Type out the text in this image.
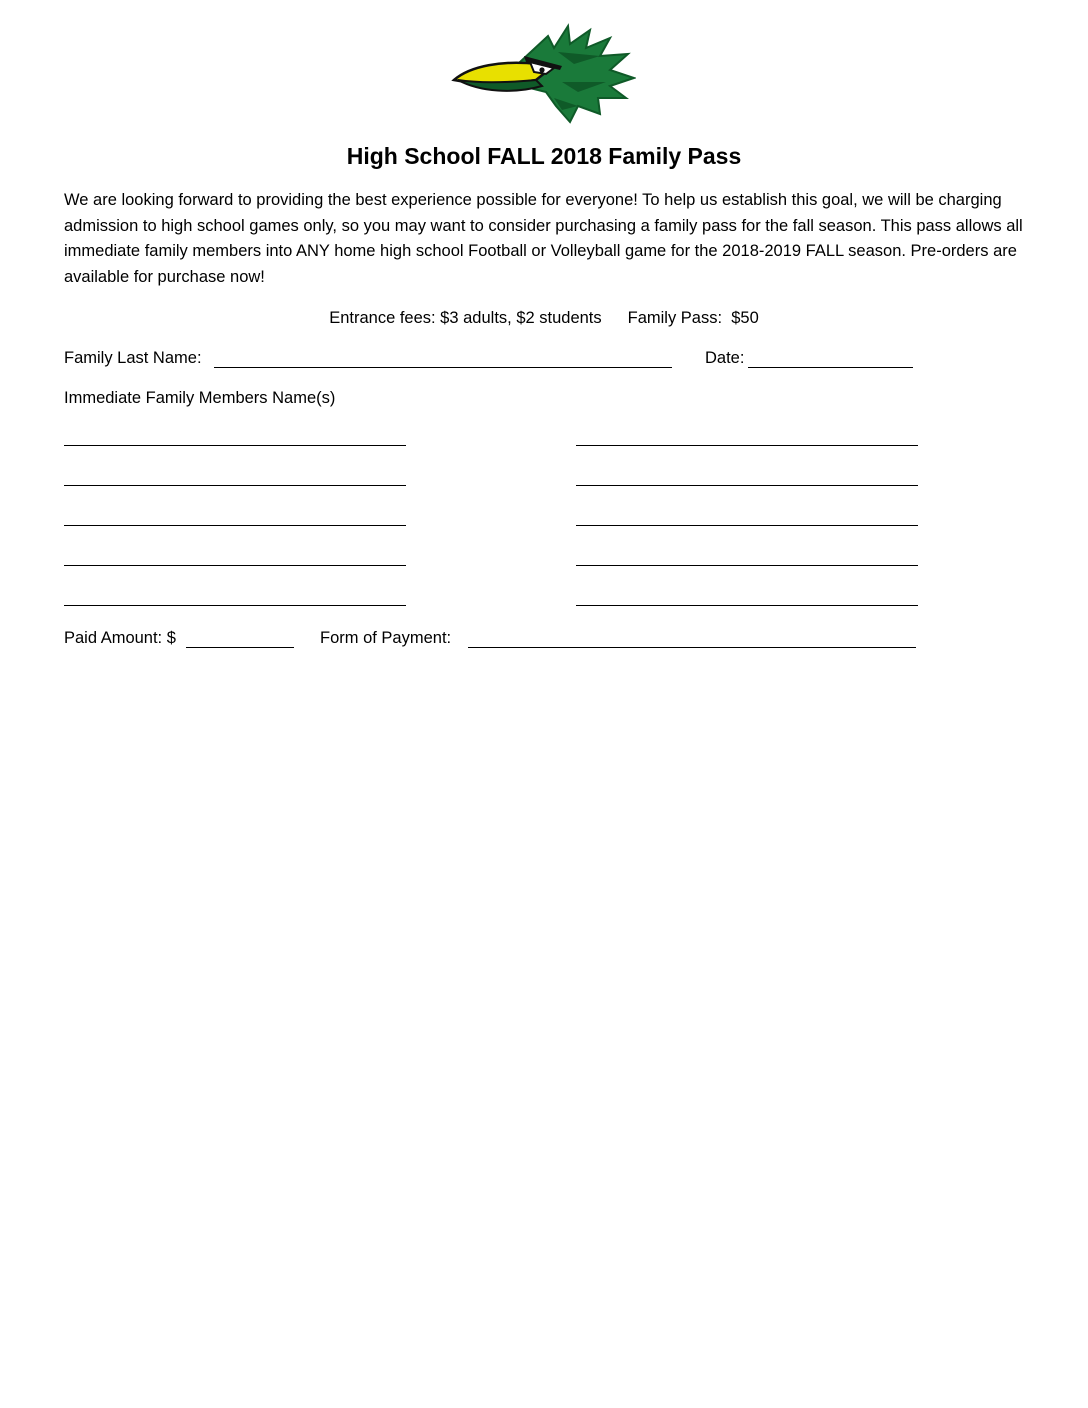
High School FALL 2018 Family Pass

We are looking forward to providing the best experience possible for everyone! To help us establish this goal, we will be charging admission to high school games only, so you may want to consider purchasing a family pass for the fall season. This pass allows all immediate family members into ANY home high school Football or Volleyball game for the 2018-2019 FALL season. Pre-orders are available for purchase now!

Entrance fees: $3 adults, $2 students Family Pass:  $50
Family Last Name:	Date:
Immediate Family Members Name(s)
Paid Amount: $	Form of Payment:
